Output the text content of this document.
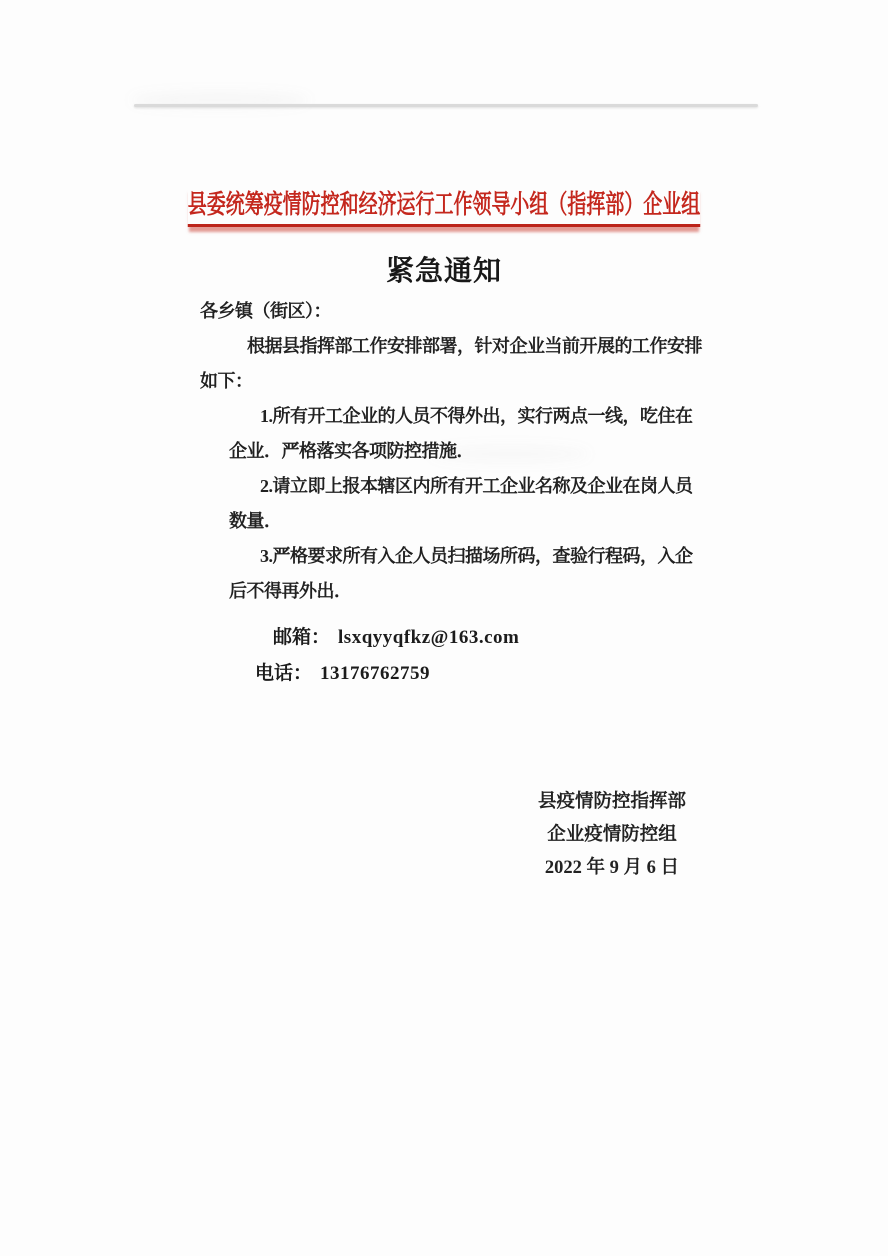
县委统筹疫情防控和经济运行工作领导小组（指挥部）企业组
紧急通知
各乡镇（街区）：
根据县指挥部工作安排部署，针对企业当前开展的工作安排
如下：
1.所有开工企业的人员不得外出，实行两点一线，吃住在
企业．严格落实各项防控措施．
2.请立即上报本辖区内所有开工企业名称及企业在岗人员
数量．
3.严格要求所有入企人员扫描场所码，查验行程码，入企
后不得再外出．
邮箱： lsxqyyqfkz@163.com
电话： 13176762759
县疫情防控指挥部
企业疫情防控组
2022 年 9 月 6 日
